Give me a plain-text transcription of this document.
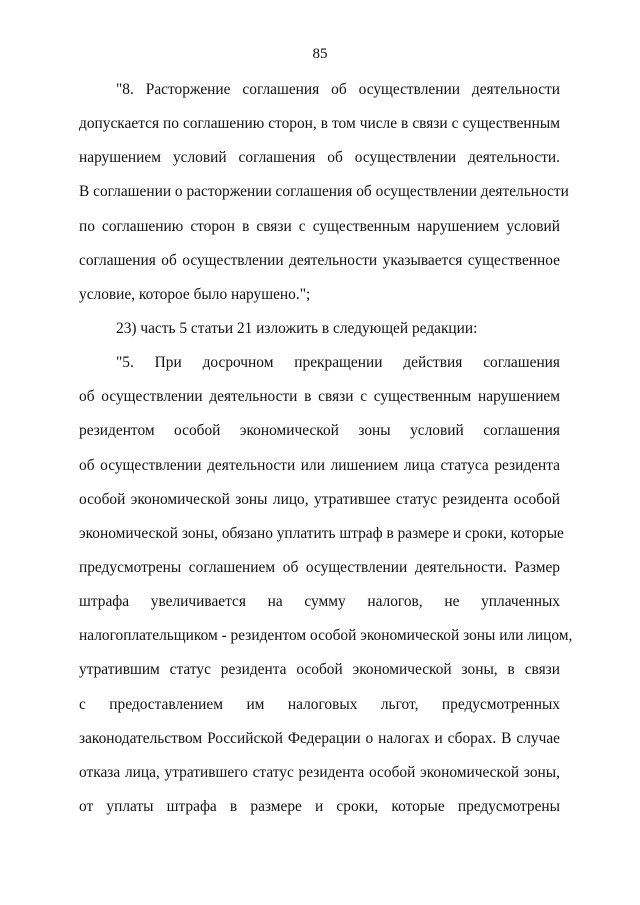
85
"8. Расторжение соглашения об осуществлении деятельности
допускается по соглашению сторон, в том числе в связи с существенным
нарушением условий соглашения об осуществлении деятельности.
В соглашении о расторжении соглашения об осуществлении деятельности
по соглашению сторон в связи с существенным нарушением условий
соглашения об осуществлении деятельности указывается существенное
условие, которое было нарушено.";
23) часть 5 статьи 21 изложить в следующей редакции:
"5. При досрочном прекращении действия соглашения
об осуществлении деятельности в связи с существенным нарушением
резидентом особой экономической зоны условий соглашения
об осуществлении деятельности или лишением лица статуса резидента
особой экономической зоны лицо, утратившее статус резидента особой
экономической зоны, обязано уплатить штраф в размере и сроки, которые
предусмотрены соглашением об осуществлении деятельности. Размер
штрафа увеличивается на сумму налогов, не уплаченных
налогоплательщиком - резидентом особой экономической зоны или лицом,
утратившим статус резидента особой экономической зоны, в связи
с предоставлением им налоговых льгот, предусмотренных
законодательством Российской Федерации о налогах и сборах. В случае
отказа лица, утратившего статус резидента особой экономической зоны,
от уплаты штрафа в размере и сроки, которые предусмотрены
